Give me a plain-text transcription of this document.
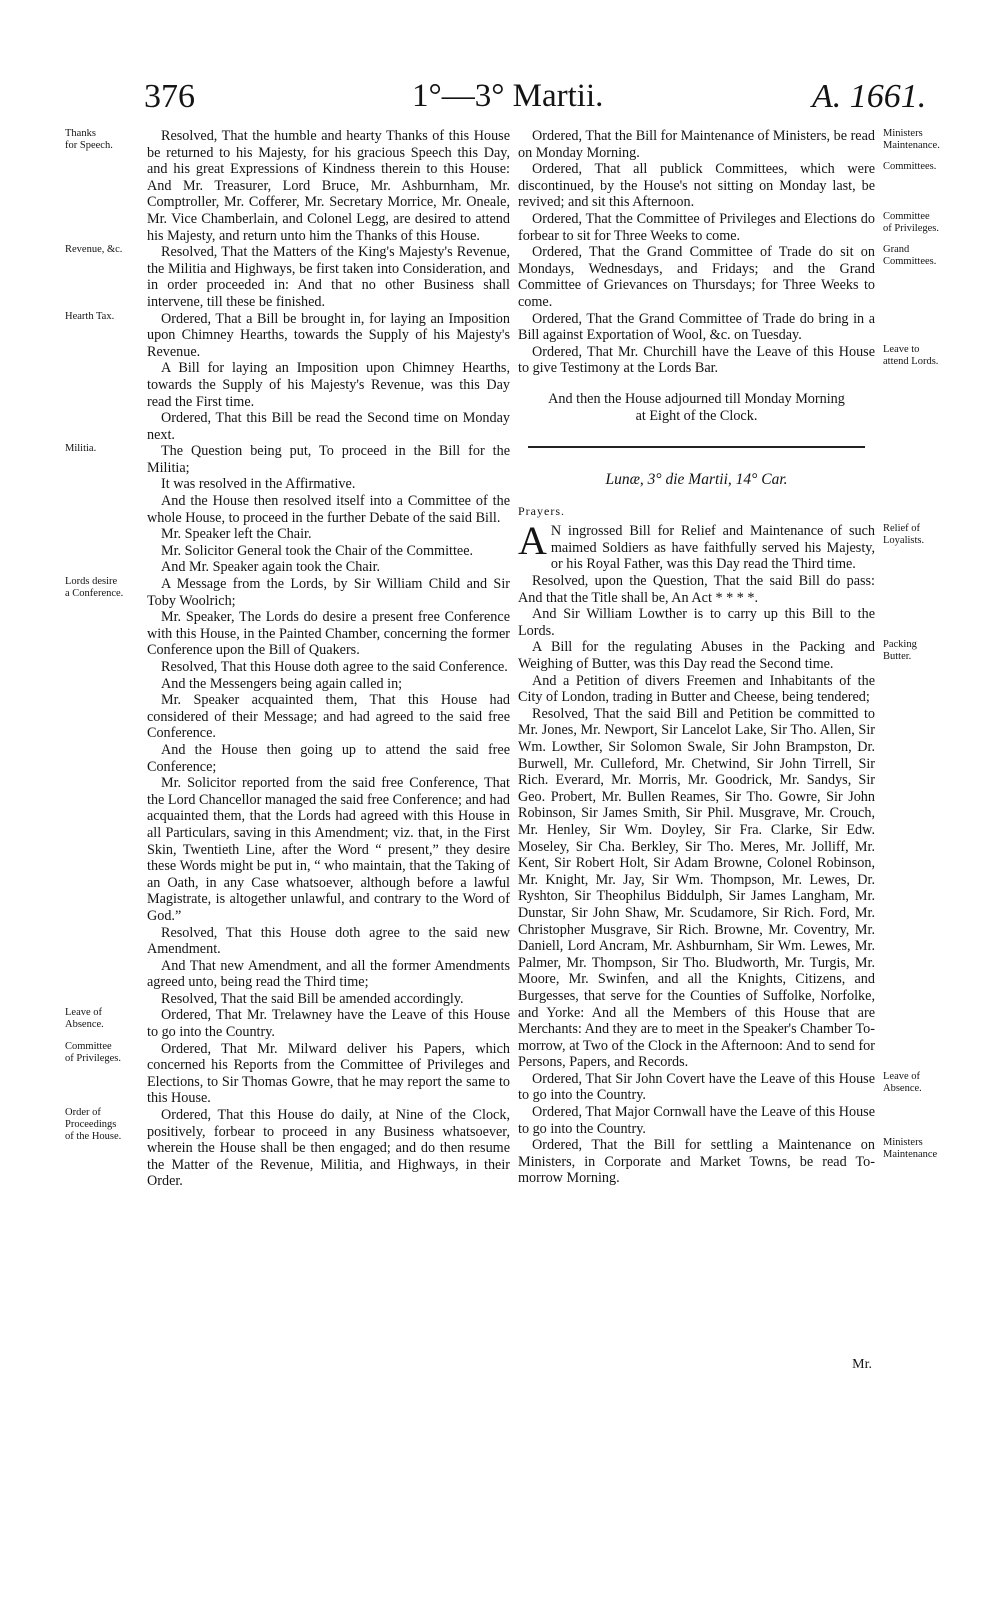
376	1°—3° Martii.	A. 1661.
Thanks
for Speech.

Resolved, That the humble and hearty Thanks of this House be returned to his Majesty, for his gracious Speech this Day, and his great Expressions of Kindness therein to this House: And Mr. Treasurer, Lord Bruce, Mr. Ashburnham, Mr. Comptroller, Mr. Cofferer, Mr. Secretary Morrice, Mr. Oneale, Mr. Vice Chamberlain, and Colonel Legg, are desired to attend his Majesty, and return unto him the Thanks of this House.

Revenue, &c.	Resolved, That the Matters of the King's Majesty's Revenue, the Militia and Highways, be first taken into Consideration, and in order proceeded in: And that no other Business shall intervene, till these be finished.

Hearth Tax.	Ordered, That a Bill be brought in, for laying an Imposition upon Chimney Hearths, towards the Supply of his Majesty's Revenue.

A Bill for laying an Imposition upon Chimney Hearths, towards the Supply of his Majesty's Revenue, was this Day read the First time.

Ordered, That this Bill be read the Second time on Monday next.

Militia.	The Question being put, To proceed in the Bill for the Militia;

It was resolved in the Affirmative.

And the House then resolved itself into a Committee of the whole House, to proceed in the further Debate of the said Bill.

Mr. Speaker left the Chair.

Mr. Solicitor General took the Chair of the Committee.

And Mr. Speaker again took the Chair.

Lords desire
a Conference.

A Message from the Lords, by Sir William Child and Sir Toby Woolrich;

Mr. Speaker, The Lords do desire a present free Conference with this House, in the Painted Chamber, concerning the former Conference upon the Bill of Quakers.

Resolved, That this House doth agree to the said Conference.

And the Messengers being again called in;

Mr. Speaker acquainted them, That this House had considered of their Message; and had agreed to the said free Conference.

And the House then going up to attend the said free Conference;

Mr. Solicitor reported from the said free Conference, That the Lord Chancellor managed the said free Conference; and had acquainted them, that the Lords had agreed with this House in all Particulars, saving in this Amendment; viz. that, in the First Skin, Twentieth Line, after the Word “ present,” they desire these Words might be put in, “ who maintain, that the Taking of an Oath, in any Case whatsoever, although before a lawful Magistrate, is altogether unlawful, and contrary to the Word of God.”

Resolved, That this House doth agree to the said new Amendment.

And That new Amendment, and all the former Amendments agreed unto, being read the Third time;

Resolved, That the said Bill be amended accordingly.

Leave of
Absence.

Ordered, That Mr. Trelawney have the Leave of this House to go into the Country.

Committee
of Privileges.

Ordered, That Mr. Milward deliver his Papers, which concerned his Reports from the Committee of Privileges and Elections, to Sir Thomas Gowre, that he may report the same to this House.

Order of
Proceedings
of the House.

Ordered, That this House do daily, at Nine of the Clock, positively, forbear to proceed in any Business whatsoever, wherein the House shall be then engaged; and do then resume the Matter of the Revenue, Militia, and Highways, in their Order.

Ministers
Maintenance.

Ordered, That the Bill for Maintenance of Ministers, be read on Monday Morning.

Committees.

Ordered, That all publick Committees, which were discontinued, by the House's not sitting on Monday last, be revived; and sit this Afternoon.

Committee
of Privileges.

Ordered, That the Committee of Privileges and Elections do forbear to sit for Three Weeks to come.

Grand
Committees.

Ordered, That the Grand Committee of Trade do sit on Mondays, Wednesdays, and Fridays; and the Grand Committee of Grievances on Thursdays; for Three Weeks to come.

Ordered, That the Grand Committee of Trade do bring in a Bill against Exportation of Wool, &c. on Tuesday.

Leave to
attend Lords.

Ordered, That Mr. Churchill have the Leave of this House to give Testimony at the Lords Bar.

And then the House adjourned till Monday Morning at Eight of the Clock.

Lunæ, 3° die Martii, 14° Car.

Prayers.

Relief of
Loyalists.

A N ingrossed Bill for Relief and Maintenance of such maimed Soldiers as have faithfully served his Majesty, or his Royal Father, was this Day read the Third time.

Resolved, upon the Question, That the said Bill do pass: And that the Title shall be, An Act * * * *.

And Sir William Lowther is to carry up this Bill to the Lords.

Packing
Butter.

A Bill for the regulating Abuses in the Packing and Weighing of Butter, was this Day read the Second time.

And a Petition of divers Freemen and Inhabitants of the City of London, trading in Butter and Cheese, being tendered;

Resolved, That the said Bill and Petition be committed to Mr. Jones, Mr. Newport, Sir Lancelot Lake, Sir Tho. Allen, Sir Wm. Lowther, Sir Solomon Swale, Sir John Brampston, Dr. Burwell, Mr. Culleford, Mr. Chetwind, Sir John Tirrell, Sir Rich. Everard, Mr. Morris, Mr. Goodrick, Mr. Sandys, Sir Geo. Probert, Mr. Bullen Reames, Sir Tho. Gowre, Sir John Robinson, Sir James Smith, Sir Phil. Musgrave, Mr. Crouch, Mr. Henley, Sir Wm. Doyley, Sir Fra. Clarke, Sir Edw. Moseley, Sir Cha. Berkley, Sir Tho. Meres, Mr. Jolliff, Mr. Kent, Sir Robert Holt, Sir Adam Browne, Colonel Robinson, Mr. Knight, Mr. Jay, Sir Wm. Thompson, Mr. Lewes, Dr. Ryshton, Sir Theophilus Biddulph, Sir James Langham, Mr. Dunstar, Sir John Shaw, Mr. Scudamore, Sir Rich. Ford, Mr. Christopher Musgrave, Sir Rich. Browne, Mr. Coventry, Mr. Daniell, Lord Ancram, Mr. Ashburnham, Sir Wm. Lewes, Mr. Palmer, Mr. Thompson, Sir Tho. Bludworth, Mr. Turgis, Mr. Moore, Mr. Swinfen, and all the Knights, Citizens, and Burgesses, that serve for the Counties of Suffolke, Norfolke, and Yorke: And all the Members of this House that are Merchants: And they are to meet in the Speaker's Chamber To-morrow, at Two of the Clock in the Afternoon: And to send for Persons, Papers, and Records.

Leave of
Absence.

Ordered, That Sir John Covert have the Leave of this House to go into the Country.

Ordered, That Major Cornwall have the Leave of this House to go into the Country.

Ministers
Maintenance

Ordered, That the Bill for settling a Maintenance on Ministers, in Corporate and Market Towns, be read To-morrow Morning.

Mr.
